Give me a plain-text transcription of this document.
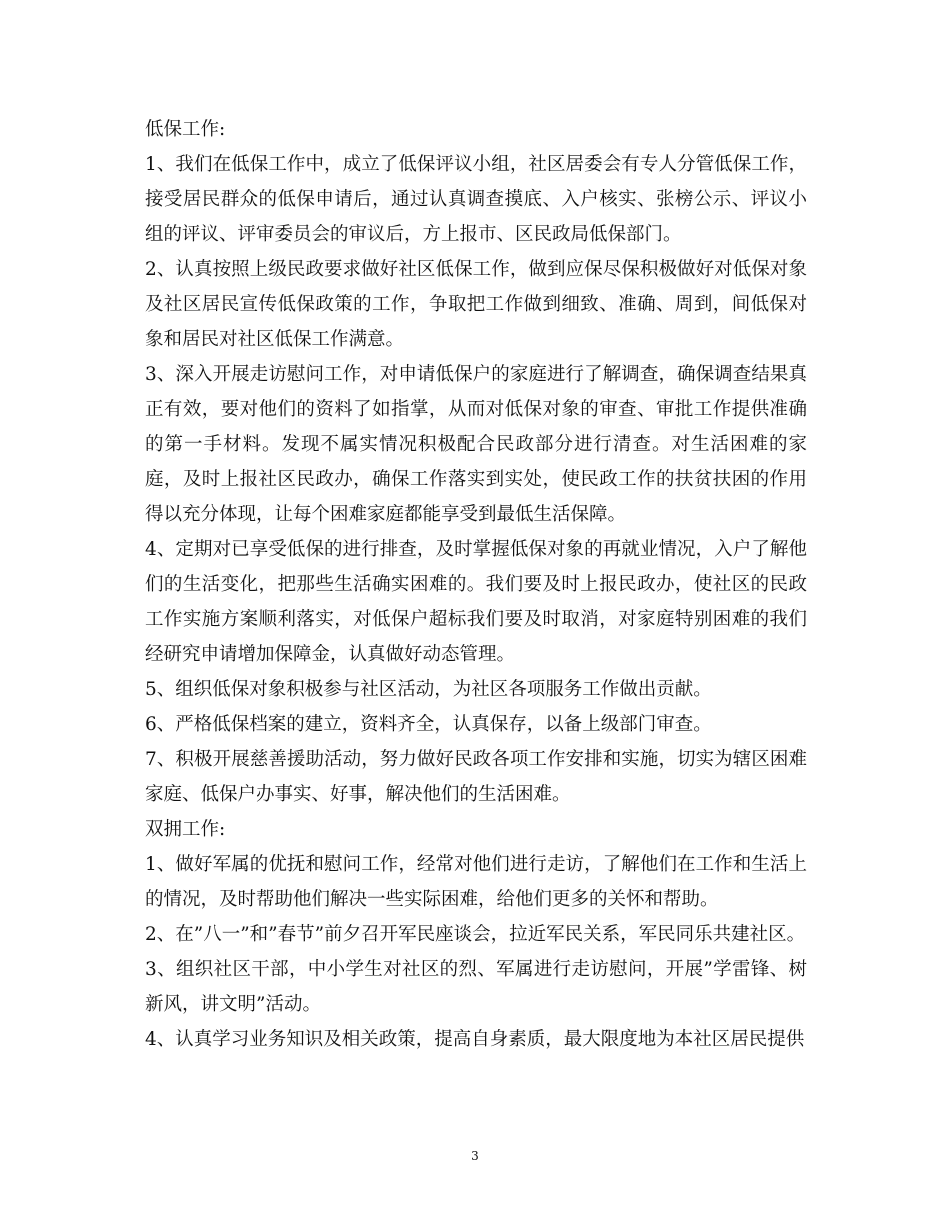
低保工作:

1、我们在低保工作中，成立了低保评议小组，社区居委会有专人分管低保工作，接受居民群众的低保申请后，通过认真调查摸底、入户核实、张榜公示、评议小组的评议、评审委员会的审议后，方上报市、区民政局低保部门。

2、认真按照上级民政要求做好社区低保工作，做到应保尽保积极做好对低保对象及社区居民宣传低保政策的工作，争取把工作做到细致、准确、周到，间低保对象和居民对社区低保工作满意。

3、深入开展走访慰问工作，对申请低保户的家庭进行了解调查，确保调查结果真正有效，要对他们的资料了如指掌，从而对低保对象的审查、审批工作提供准确的第一手材料。发现不属实情况积极配合民政部分进行清查。对生活困难的家庭，及时上报社区民政办，确保工作落实到实处，使民政工作的扶贫扶困的作用得以充分体现，让每个困难家庭都能享受到最低生活保障。

4、定期对已享受低保的进行排查，及时掌握低保对象的再就业情况，入户了解他们的生活变化，把那些生活确实困难的。我们要及时上报民政办，使社区的民政工作实施方案顺利落实，对低保户超标我们要及时取消，对家庭特别困难的我们经研究申请增加保障金，认真做好动态管理。

5、组织低保对象积极参与社区活动，为社区各项服务工作做出贡献。

6、严格低保档案的建立，资料齐全，认真保存，以备上级部门审查。

7、积极开展慈善援助活动，努力做好民政各项工作安排和实施，切实为辖区困难家庭、低保户办事实、好事，解决他们的生活困难。

双拥工作:

1、做好军属的优抚和慰问工作，经常对他们进行走访，了解他们在工作和生活上的情况，及时帮助他们解决一些实际困难，给他们更多的关怀和帮助。

2、在”八一”和”春节”前夕召开军民座谈会，拉近军民关系，军民同乐共建社区。

3、组织社区干部，中小学生对社区的烈、军属进行走访慰问，开展”学雷锋、树新风，讲文明”活动。

4、认真学习业务知识及相关政策，提高自身素质，最大限度地为本社区居民提供

3
